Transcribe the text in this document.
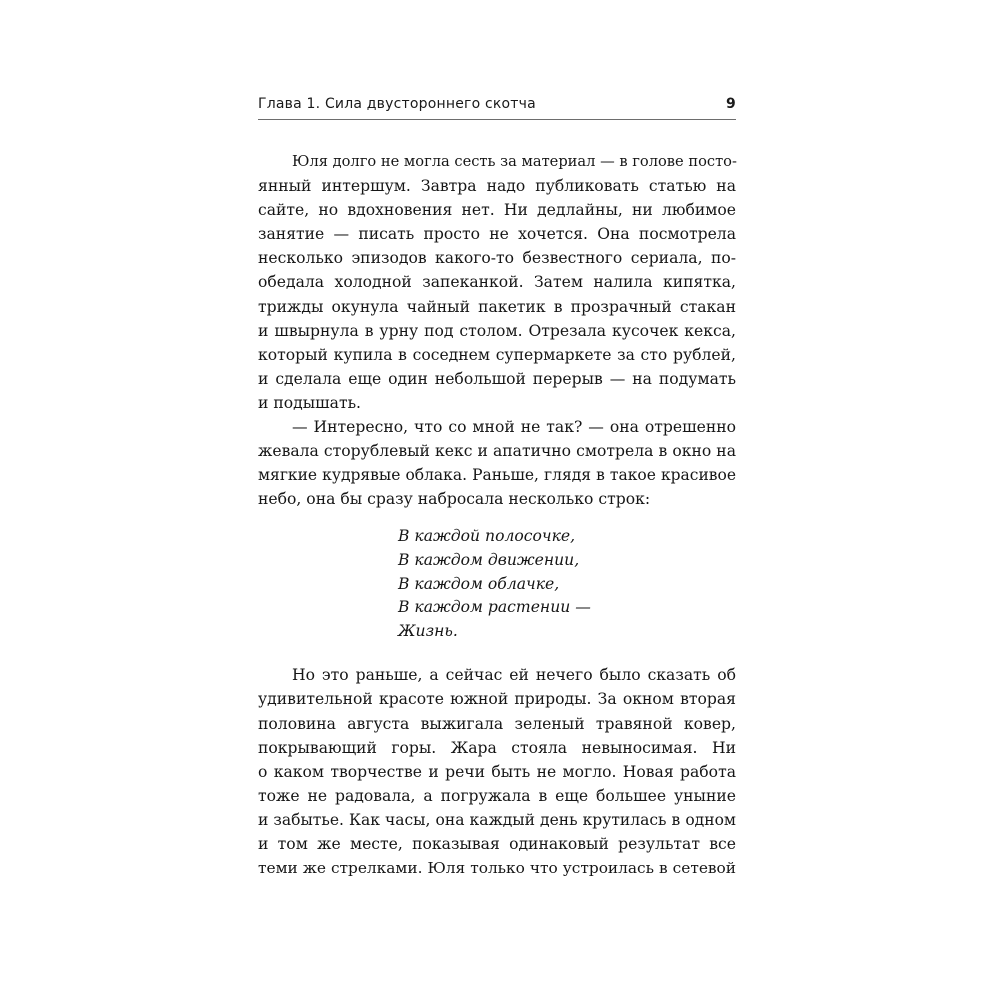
Глава 1. Сила двустороннего скотча	9
Юля долго не могла сесть за материал — в голове посто-
янный интершум. Завтра надо публиковать статью на
сайте, но вдохновения нет. Ни дедлайны, ни любимое
занятие — писать просто не хочется. Она посмотрела
несколько эпизодов какого-то безвестного сериала, по-
обедала холодной запеканкой. Затем налила кипятка,
трижды окунула чайный пакетик в прозрачный стакан
и швырнула в урну под столом. Отрезала кусочек кекса,
который купила в соседнем супермаркете за сто рублей,
и сделала еще один небольшой перерыв — на подумать
и подышать.
— Интересно, что со мной не так? — она отрешенно
жевала сторублевый кекс и апатично смотрела в окно на
мягкие кудрявые облака. Раньше, глядя в такое красивое
небо, она бы сразу набросала несколько строк:
В каждой полосочке,
В каждом движении,
В каждом облачке,
В каждом растении —
Жизнь.
Но это раньше, а сейчас ей нечего было сказать об
удивительной красоте южной природы. За окном вторая
половина августа выжигала зеленый травяной ковер,
покрывающий горы. Жара стояла невыносимая. Ни
о каком творчестве и речи быть не могло. Новая работа
тоже не радовала, а погружала в еще большее уныние
и забытье. Как часы, она каждый день крутилась в одном
и том же месте, показывая одинаковый результат все
теми же стрелками. Юля только что устроилась в сетевой
